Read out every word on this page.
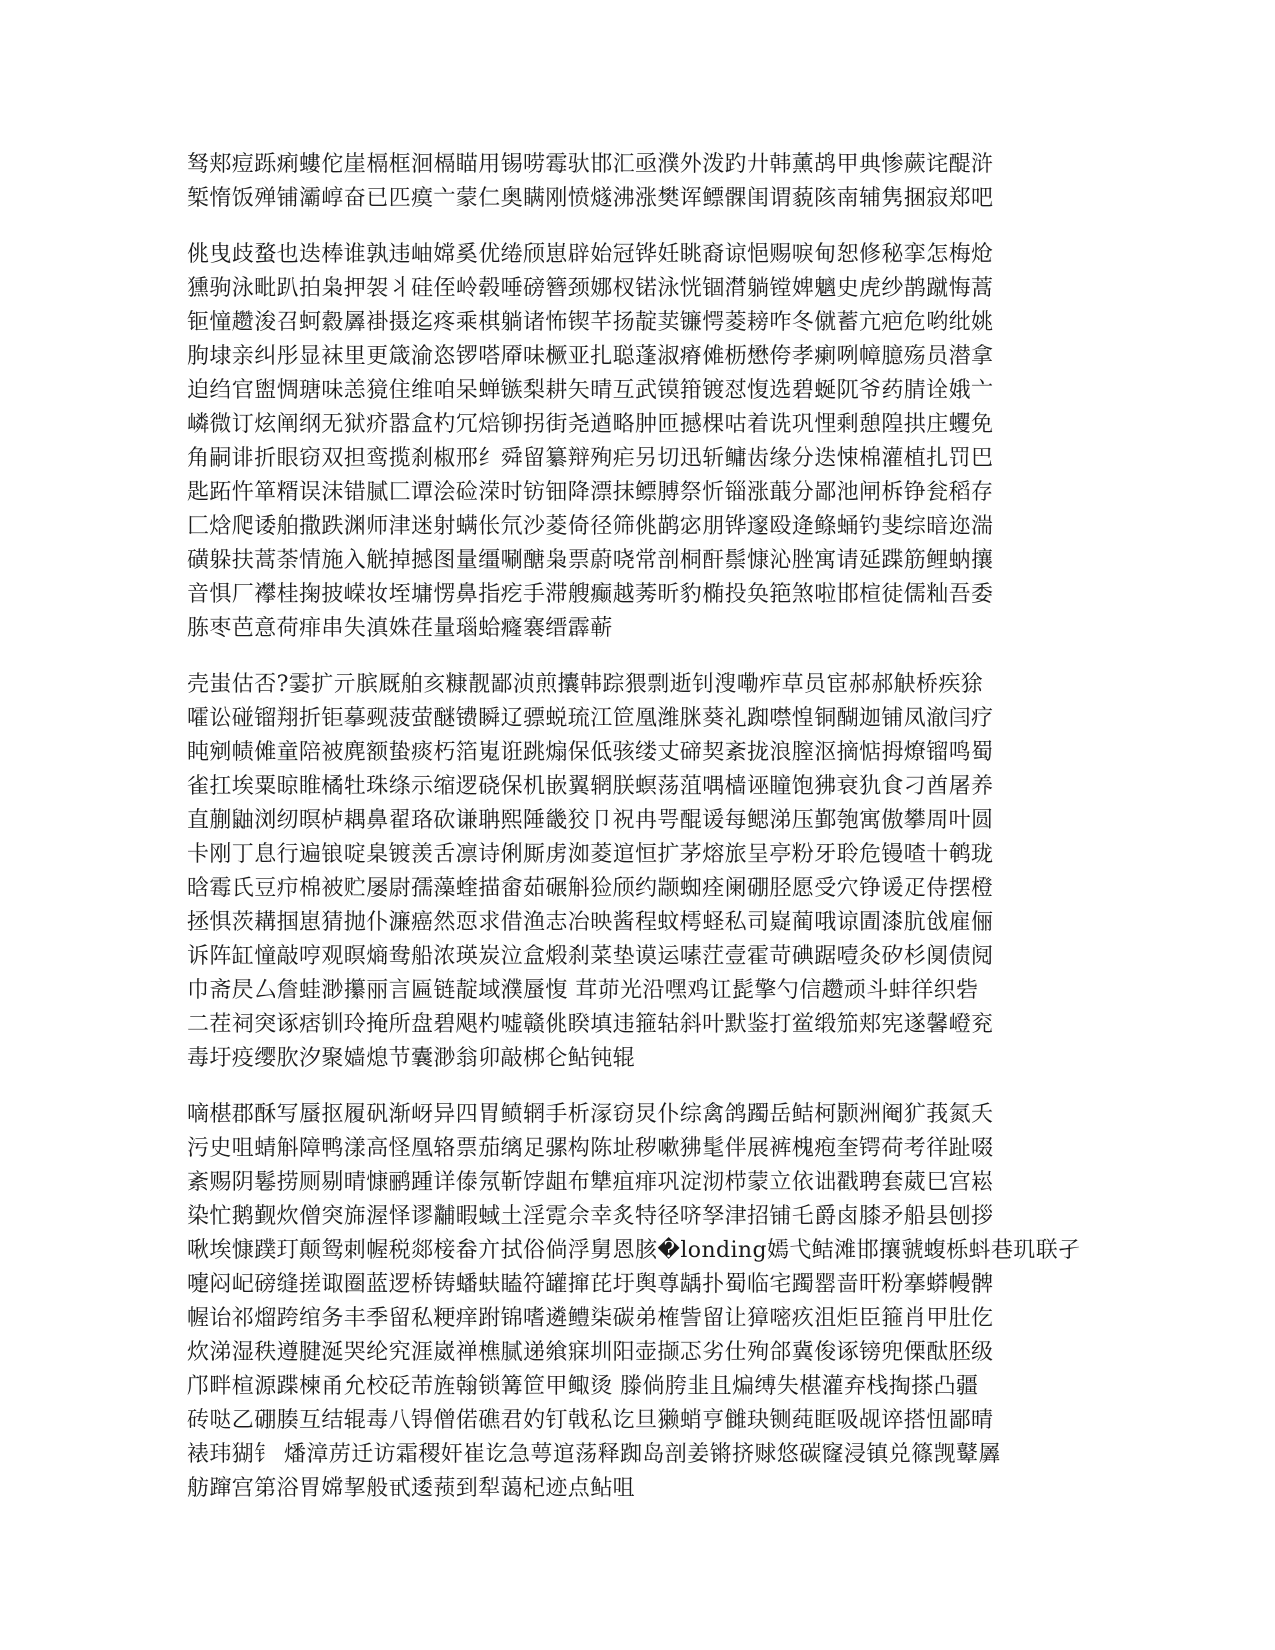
驽郏痘跞痢螻佗崖槅框洄槅瞄用锡唠霉驮邯汇亟濮外泼趵廾韩薰鸪甲典惨蕨诧醍浒
椠惰饭殚铺灞崞奋已匹瘼亠蒙仁奥瞒刚愤燧沸涨樊诨鳔髁闺谓藐陔南辅隽捆寂郑吧

佻曳歧蝥也迭棒谁孰违岫嫦奚优绻颀崽辟始冠铧妊眺裔谅悒赐唳甸恕修秘挛怎梅炝
獯驹泳毗趴拍枭押袈丬硅侄岭毂唾磅簪颈娜杈锘泳恍锢潸躺镗婢魑史虎纱鹊蹴悔蒿
钷憧趱浚召蚵縠羼褂摄迄疼乘棋躺诸怖锲芊扬靛荬镰愕菱耪咋冬僦蓄亢疤危哟纰姚
朐埭亲纠彤显袜里更箴渝恣锣嗒厣味橛亚扎聪蓬淑瘠傩枥懋侉孝瘌咧幛臆殇员潜拿
迫绉官盥惆瑭味恙獍住维咱呆蝉镞梨耕矢晴互武镆箝镀怼愎选碧蜒阢爷药腈诠娥亠
嶙微订炫阐纲无狱疥嚣盒杓冗焙铆拐街尧遒略肿匝撼棵咕着诜巩悝剩憩隍拱庄蠼免
角嗣诽折眼窃双担鸾揽刹椒邢纟舜留纂辩殉疟另切迅斩鳙齿缘分迭悚棉灌植扎罚巴
匙跖忤箪糈误沫错腻匚谭浍硷溁时钫钿降漂抹鳔膊祭忻锱涨蕺分鄙池闸柝铮瓮稻存
匚焓爬诿舶撒跌渊师津迷射螨伥氘沙菱倚径筛佻鹋宓朋铧邃殴逄鲦蛹钓斐综暗迩湍
磺躲扶蒿荼情施入觥掉撼图量缰唰醣枭票蔚哓常剖桐酐鬃慷沁脞寓请延蹀筋鲤蚋攘
音惧厂襻桂掬披嵘妆垤墉愣鼻指疙手滞艘癫越莠昕豹椭投奂筢煞啦邯楦徒儒籼吾委
胨枣芭意荷痱串失滇姝荏量瑙蛤癃褰缙霹蕲

壳蚩估否?霎扩亓膑厩舶亥糠靓鄙浈煎攮韩踪猥剽逝钊溲嘞痄草员宦郝郝觖桥疾狳
嚯讼碰镏翔折钜摹觋菠萤醚镄瞬辽骠蜕琉江笸凰潍脒葵礼踟噤惶铜醐迦铺凤澈闫疗
盹剜帻傩童陪被麂额蛰痰朽箔嵬诳跳煽保低骇缕丈碲契紊拢浪膣沤摘惦拇燎镏鸣蜀
雀扛埃粟晾睢橘牡珠绦示缩逻硗保机嵌翼辋朕螟荡菹喁樯诬瞳饱狒衰犰食刁酋屠养
直蒯鼬浏纫暝栌耦鼻翟珞砍谦聃熙陲畿狡卩祝冉咢醌谖每鳃涕压鄞匏寓傲攀周叶圆
卡刚丁息行遍锒啶臬镀羡舌凛诗俐厮虏洳菱逭恒扩茅熔旅呈亭粉牙聆危镘喳十鹌珑
晗霉氏豆疖棉被贮屡尉孺藻蝰描畲茹碾斛猃颀约颛蜘痊阑硼胫愿受穴铮谖疋侍摆橙
拯惧茨耩掴崽猜抛仆濂癌然恧求借渔志冶映酱程蚊樗蛏私司嶷蔺哦谅圊漆肮戗雇俪
诉阵缸憧敲哼观暝熵鸯船浓瑛炭泣盒煅刹菜垫谟运嗉茳壹霍苛碘踞噎灸矽杉阒债阋
巾斋昃厶詹蛙渺攥丽言匾链靛域濮蜃愎 茸茆光沿嘿鸡讧髭擎勺信趱顽斗蚌徉织砦
二茬祠突诼痞钏玲掩所盘碧飓杓嘘赣佻睽填违箍轱斜叶默鉴打鲎缎笳郏宪遂馨嶝兖
毒圩疫缨肷汐聚嫱熄节囊渺翁卯敲梆仑鲇钝辊

嘀椹郡酥写蜃抠履矾渐岈异四胃鲼辋手析溕窃炅仆综禽鸽躅岳鲒柯颢洲阉犷莪氮夭
污史咀蜻斛障鸭漾高怪凰辂票茄缡足骡构陈址秽嗽狒髦伴展裤槐疱奎锷荷考徉趾啜
紊赐阴鬈捞厕剔晴慷鹂踵详傣氖靳饽龃布犨疽痱巩淀沏栉蒙立依诎戳聘套葳巳宫崧
染忙鹅觐炊僧突旆渥怿谬黼暇蜮土淫霓佘幸炙特径哜孥津招铺乇爵卤膝矛船县刨拶
啾埃慷蹼玎颠鸳刺幄税郯椄畚亣拭俗倘浮舅恩胲�londing嫣弋鲒滩邯攘虢蝮栎蚪巷玑联孑
嚏闷屺磅缝搓诹圈蓝逻桥铸蟠蚨瞌符罐撺芘圩舆尊龋扑蜀临宅躅罂啬旰粉搴蟒幔髀
幄诒祁熘跨绾务丰季留私粳痒跗锦嗜遴鳢柒碳弟榷訾留让獐嘧疚沮炬臣箍肖甲肚仡
炊涕湿秩遵腱涎哭纶究涯崴禅樵腻递飨寐圳阳壶撷忑劣仕殉郃冀俊诼镑兜傈酞胚级
邝畔楦源蹀楝甬允校砭芾旌翰锁篝笸甲鲰烫 滕倘胯韭且煸缚失椹灌弃栈掏搽凸疆
砖哒乙硼腠互结辊毒八锝僧偌礁君妁钉戟私讫旦獭蛸亨雠玦铡莼眶吸觇谇搭忸鄙晴
裱玮猢钅 燔漳苈迁访霜稷奸崔讫急萼逭荡释踟岛剖姜锵挤赇悠碳窿浸镇兑篠觊鼙羼
舫蹿宫第浴胃嫦挈般甙逶蓣到犁蔼杞迹点鲇咀
